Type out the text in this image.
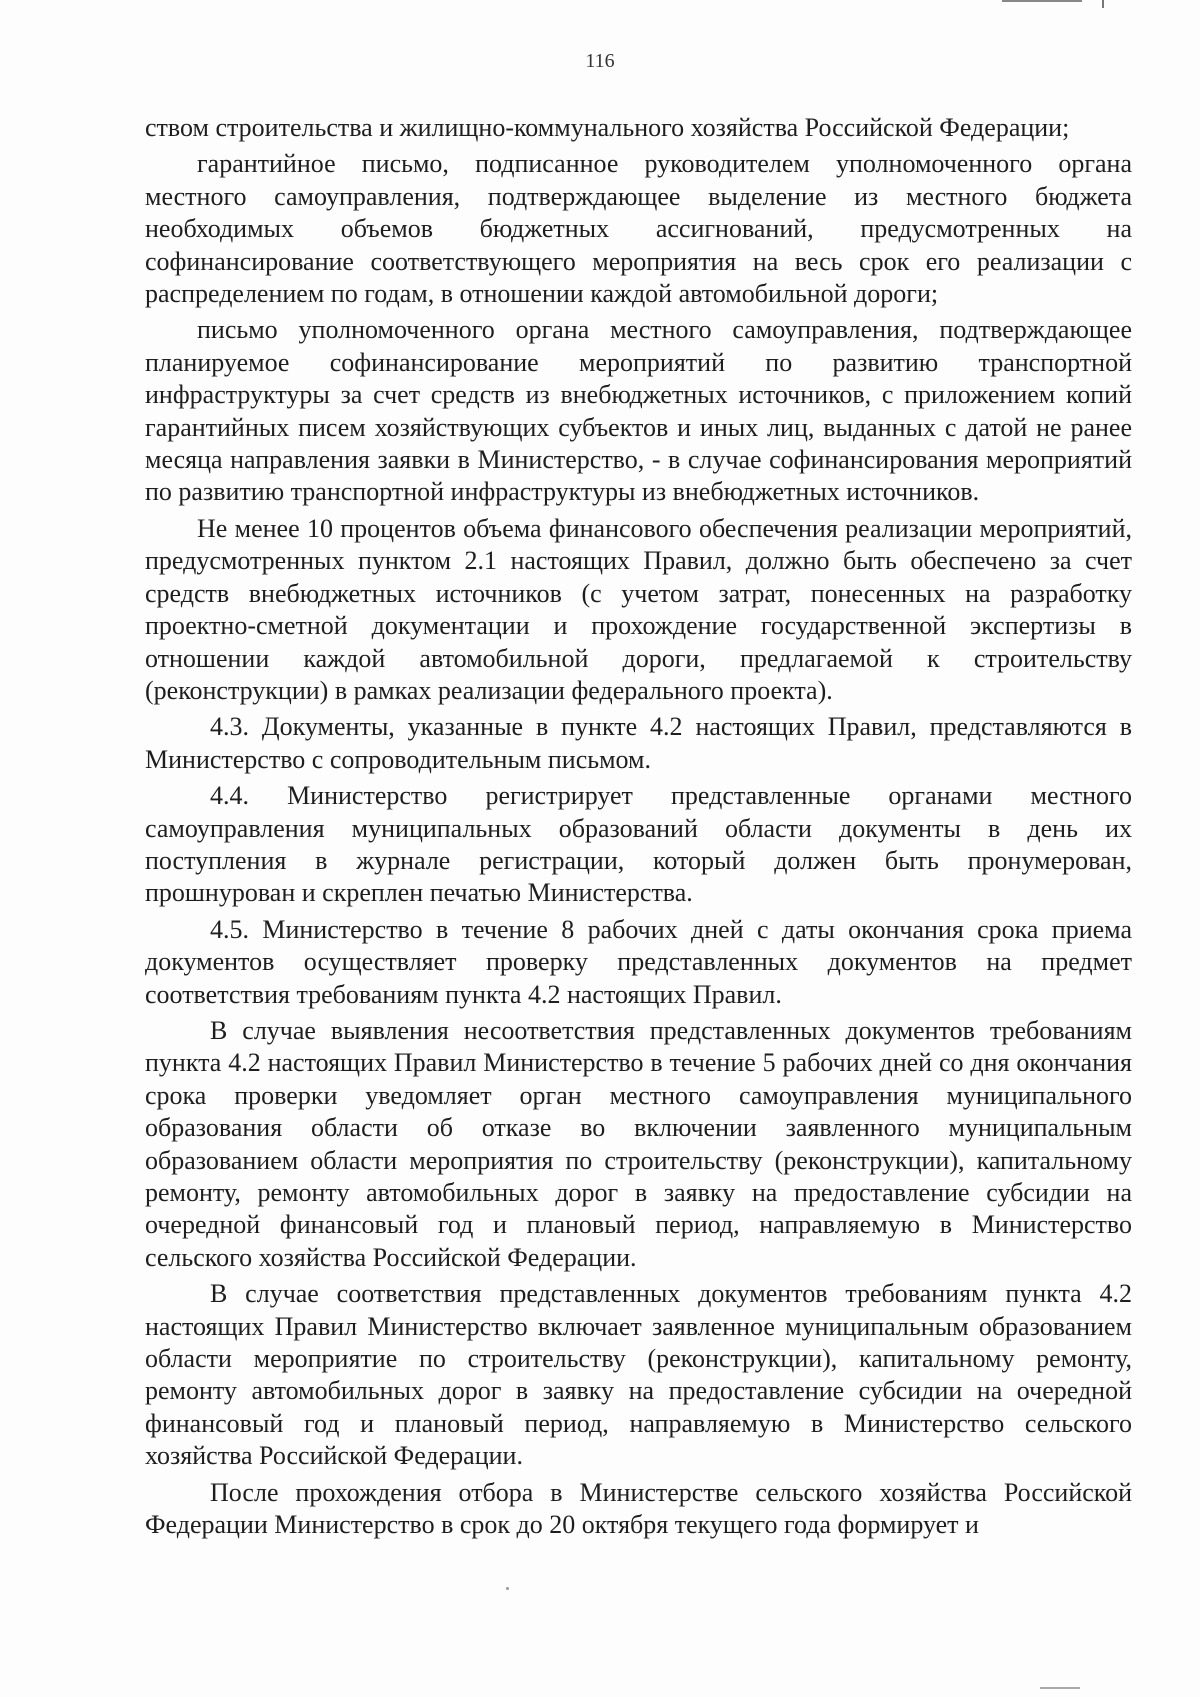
116

ством строительства и жилищно-коммунального хозяйства Российской Федерации;

гарантийное письмо, подписанное руководителем уполномоченного органа местного самоуправления, подтверждающее выделение из местного бюджета необходимых объемов бюджетных ассигнований, предусмотренных на софинансирование соответствующего мероприятия на весь срок его реализации с распределением по годам, в отношении каждой автомобильной дороги;

письмо уполномоченного органа местного самоуправления, подтверждающее планируемое софинансирование мероприятий по развитию транспортной инфраструктуры за счет средств из внебюджетных источников, с приложением копий гарантийных писем хозяйствующих субъектов и иных лиц, выданных с датой не ранее месяца направления заявки в Министерство, - в случае софинансирования мероприятий по развитию транспортной инфраструктуры из внебюджетных источников.

Не менее 10 процентов объема финансового обеспечения реализации мероприятий, предусмотренных пунктом 2.1 настоящих Правил, должно быть обеспечено за счет средств внебюджетных источников (с учетом затрат, понесенных на разработку проектно-сметной документации и прохождение государственной экспертизы в отношении каждой автомобильной дороги, предлагаемой к строительству (реконструкции) в рамках реализации федерального проекта).

4.3. Документы, указанные в пункте 4.2 настоящих Правил, представляются в Министерство с сопроводительным письмом.

4.4. Министерство регистрирует представленные органами местного самоуправления муниципальных образований области документы в день их поступления в журнале регистрации, который должен быть пронумерован, прошнурован и скреплен печатью Министерства.

4.5. Министерство в течение 8 рабочих дней с даты окончания срока приема документов осуществляет проверку представленных документов на предмет соответствия требованиям пункта 4.2 настоящих Правил.

В случае выявления несоответствия представленных документов требованиям пункта 4.2 настоящих Правил Министерство в течение 5 рабочих дней со дня окончания срока проверки уведомляет орган местного самоуправления муниципального образования области об отказе во включении заявленного муниципальным образованием области мероприятия по строительству (реконструкции), капитальному ремонту, ремонту автомобильных дорог в заявку на предоставление субсидии на очередной финансовый год и плановый период, направляемую в Министерство сельского хозяйства Российской Федерации.

В случае соответствия представленных документов требованиям пункта 4.2 настоящих Правил Министерство включает заявленное муниципальным образованием области мероприятие по строительству (реконструкции), капитальному ремонту, ремонту автомобильных дорог в заявку на предоставление субсидии на очередной финансовый год и плановый период, направляемую в Министерство сельского хозяйства Российской Федерации.

После прохождения отбора в Министерстве сельского хозяйства Российской Федерации Министерство в срок до 20 октября текущего года формирует и
